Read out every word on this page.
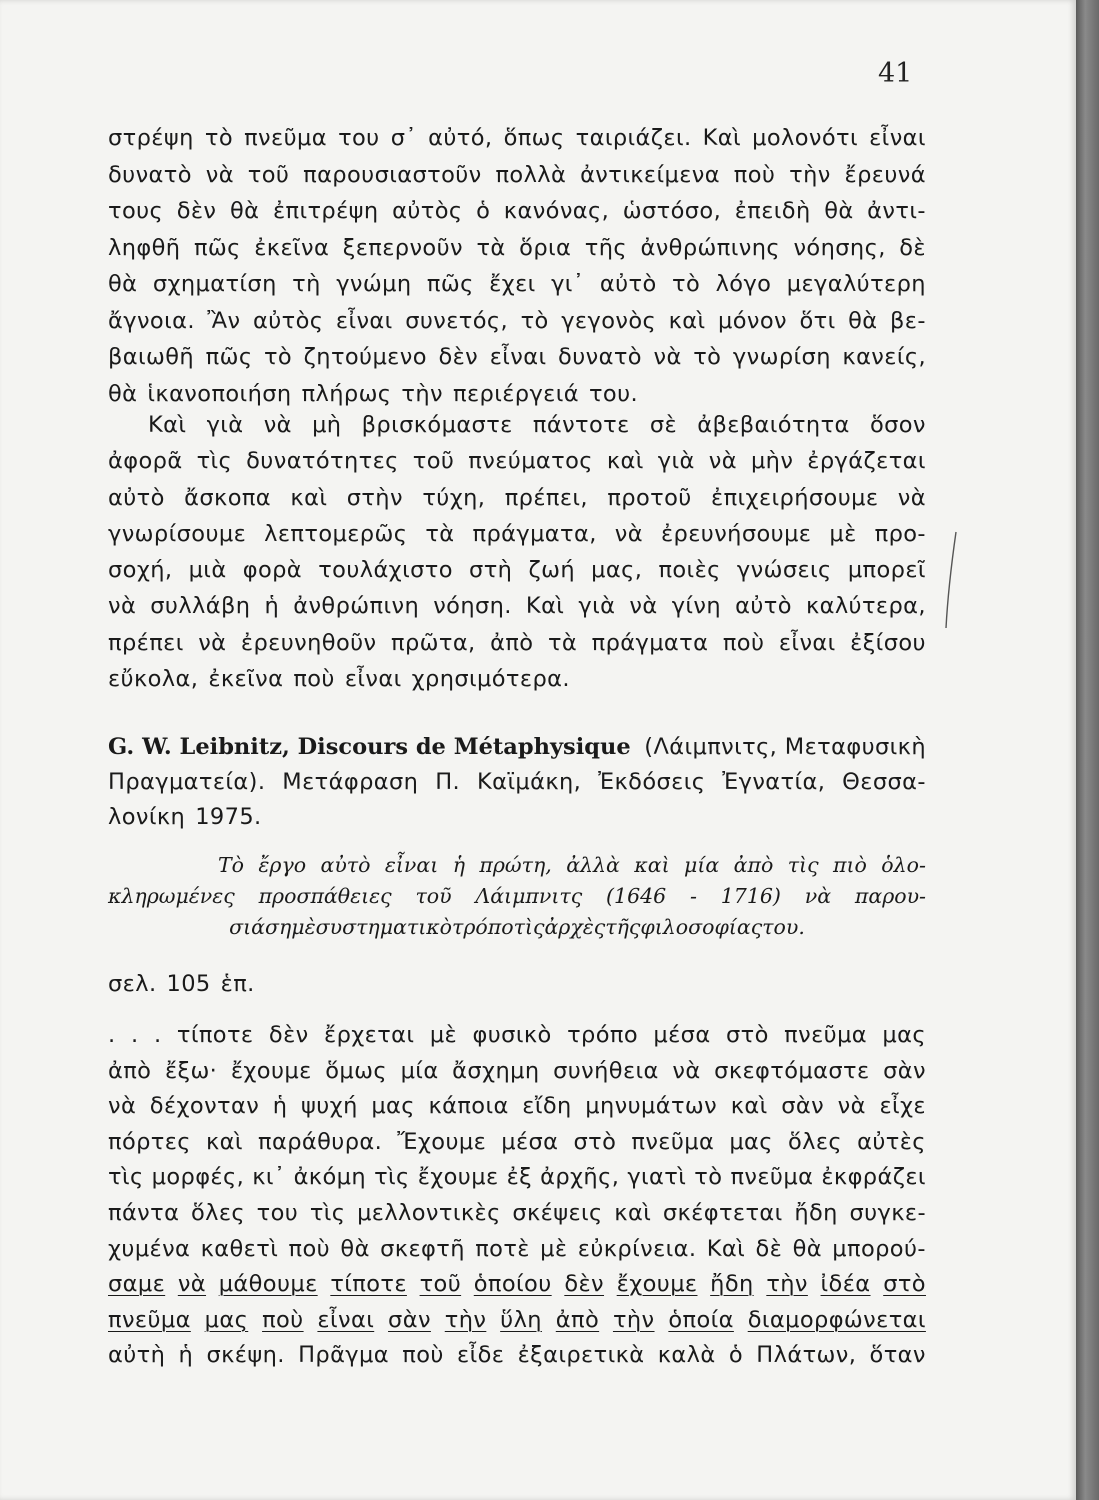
41
στρέψη τὸ πνεῦμα του σ᾽ αὐτό, ὅπως ταιριάζει. Καὶ μολονότι εἶναι
δυνατὸ νὰ τοῦ παρουσιαστοῦν πολλὰ ἀντικείμενα ποὺ τὴν ἔρευνά
τους δὲν θὰ ἐπιτρέψη αὐτὸς ὁ κανόνας, ὡστόσο, ἐπειδὴ θὰ ἀντι-
ληφθῆ πῶς ἐκεῖνα ξεπερνοῦν τὰ ὅρια τῆς ἀνθρώπινης νόησης, δὲ
θὰ σχηματίση τὴ γνώμη πῶς ἔχει γι᾽ αὐτὸ τὸ λόγο μεγαλύτερη
ἄγνοια. Ἂν αὐτὸς εἶναι συνετός, τὸ γεγονὸς καὶ μόνον ὅτι θὰ βε-
βαιωθῆ πῶς τὸ ζητούμενο δὲν εἶναι δυνατὸ νὰ τὸ γνωρίση κανείς,
θὰ ἱκανοποιήση πλήρως τὴν περιέργειά του.
Καὶ γιὰ νὰ μὴ βρισκόμαστε πάντοτε σὲ ἀβεβαιότητα ὅσον
ἀφορᾶ τὶς δυνατότητες τοῦ πνεύματος καὶ γιὰ νὰ μὴν ἐργάζεται
αὐτὸ ἄσκοπα καὶ στὴν τύχη, πρέπει, προτοῦ ἐπιχειρήσουμε νὰ
γνωρίσουμε λεπτομερῶς τὰ πράγματα, νὰ ἐρευνήσουμε μὲ προ-
σοχή, μιὰ φορὰ τουλάχιστο στὴ ζωή μας, ποιὲς γνώσεις μπορεῖ
νὰ συλλάβη ἡ ἀνθρώπινη νόηση. Καὶ γιὰ νὰ γίνη αὐτὸ καλύτερα,
πρέπει νὰ ἐρευνηθοῦν πρῶτα, ἀπὸ τὰ πράγματα ποὺ εἶναι ἐξίσου
εὔκολα, ἐκεῖνα ποὺ εἶναι χρησιμότερα.
G. W. Leibnitz, Discours de Métaphysique (Λάιμπνιτς, Μεταφυσικὴ
Πραγματεία). Μετάφραση Π. Καϊμάκη, Ἐκδόσεις Ἐγνατία, Θεσσα-
λονίκη 1975.
Τὸ ἔργο αὐτὸ εἶναι ἡ πρώτη, ἀλλὰ καὶ μία ἀπὸ τὶς πιὸ ὁλο-
κληρωμένες προσπάθειες τοῦ Λάιμπνιτς (1646 - 1716) νὰ παρου-
σιάση μὲ συστηματικὸ τρόπο τὶς ἀρχὲς τῆς φιλοσοφίας του.
σελ. 105 ἑπ.
. . . τίποτε δὲν ἔρχεται μὲ φυσικὸ τρόπο μέσα στὸ πνεῦμα μας
ἀπὸ ἔξω· ἔχουμε ὅμως μία ἄσχημη συνήθεια νὰ σκεφτόμαστε σὰν
νὰ δέχονταν ἡ ψυχή μας κάποια εἴδη μηνυμάτων καὶ σὰν νὰ εἶχε
πόρτες καὶ παράθυρα. Ἔχουμε μέσα στὸ πνεῦμα μας ὅλες αὐτὲς
τὶς μορφές, κι᾽ ἀκόμη τὶς ἔχουμε ἐξ ἀρχῆς, γιατὶ τὸ πνεῦμα ἐκφράζει
πάντα ὅλες του τὶς μελλοντικὲς σκέψεις καὶ σκέφτεται ἤδη συγκε-
χυμένα καθετὶ ποὺ θὰ σκεφτῆ ποτὲ μὲ εὐκρίνεια. Καὶ δὲ θὰ μπορού-
σαμε νὰ μάθουμε τίποτε τοῦ ὁποίου δὲν ἔχουμε ἤδη τὴν ἰδέα στὸ
πνεῦμα μας ποὺ εἶναι σὰν τὴν ὕλη ἀπὸ τὴν ὁποία διαμορφώνεται
αὐτὴ ἡ σκέψη. Πρᾶγμα ποὺ εἶδε ἐξαιρετικὰ καλὰ ὁ Πλάτων, ὅταν
